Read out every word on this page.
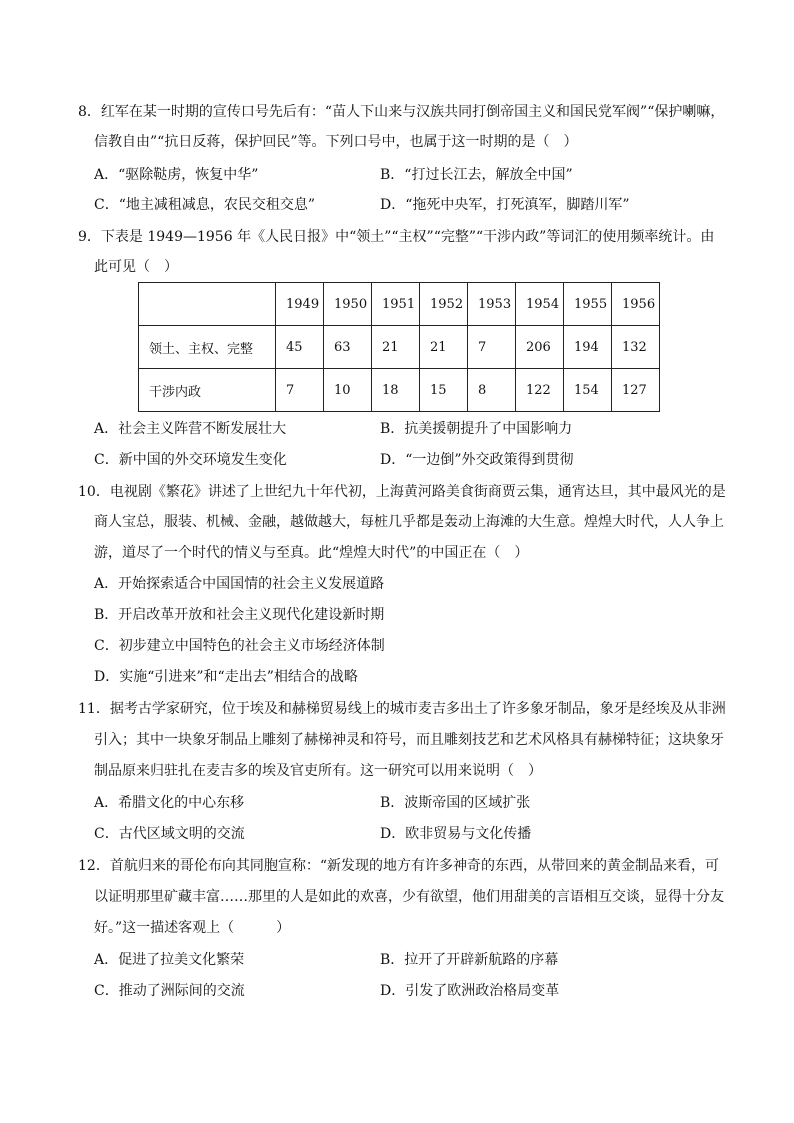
8．红军在某一时期的宣传口号先后有：“苗人下山来与汉族共同打倒帝国主义和国民党军阀”“保护喇嘛，
信教自由”“抗日反蒋，保护回民”等。下列口号中，也属于这一时期的是（　）
A．“驱除鞑虏，恢复中华”	B．“打过长江去，解放全中国”
C．“地主减租减息，农民交租交息”	D．“拖死中央军，打死滇军，脚踏川军”
9．下表是 1949—1956 年《人民日报》中“领土”“主权”“完整”“干涉内政”等词汇的使用频率统计。由
此可见（　）
	1949	1950	1951	1952	1953	1954	1955	1956
领土、主权、完整	45	63	21	21	7	206	194	132
干涉内政	7	10	18	15	8	122	154	127
A．社会主义阵营不断发展壮大	B．抗美援朝提升了中国影响力
C．新中国的外交环境发生变化	D．“一边倒”外交政策得到贯彻
10．电视剧《繁花》讲述了上世纪九十年代初，上海黄河路美食街商贾云集，通宵达旦，其中最风光的是
商人宝总，服装、机械、金融，越做越大，每桩几乎都是轰动上海滩的大生意。煌煌大时代，人人争上
游，道尽了一个时代的情义与至真。此“煌煌大时代”的中国正在（　）
A．开始探索适合中国国情的社会主义发展道路
B．开启改革开放和社会主义现代化建设新时期
C．初步建立中国特色的社会主义市场经济体制
D．实施“引进来”和“走出去”相结合的战略
11．据考古学家研究，位于埃及和赫梯贸易线上的城市麦吉多出土了许多象牙制品，象牙是经埃及从非洲
引入；其中一块象牙制品上雕刻了赫梯神灵和符号，而且雕刻技艺和艺术风格具有赫梯特征；这块象牙
制品原来归驻扎在麦吉多的埃及官吏所有。这一研究可以用来说明（　）
A．希腊文化的中心东移	B．波斯帝国的区域扩张
C．古代区域文明的交流	D．欧非贸易与文化传播
12．首航归来的哥伦布向其同胞宣称：“新发现的地方有许多神奇的东西，从带回来的黄金制品来看，可
以证明那里矿藏丰富……那里的人是如此的欢喜，少有欲望，他们用甜美的言语相互交谈，显得十分友
好。”这一描述客观上（　　　）
A．促进了拉美文化繁荣	B．拉开了开辟新航路的序幕
C．推动了洲际间的交流	D．引发了欧洲政治格局变革
